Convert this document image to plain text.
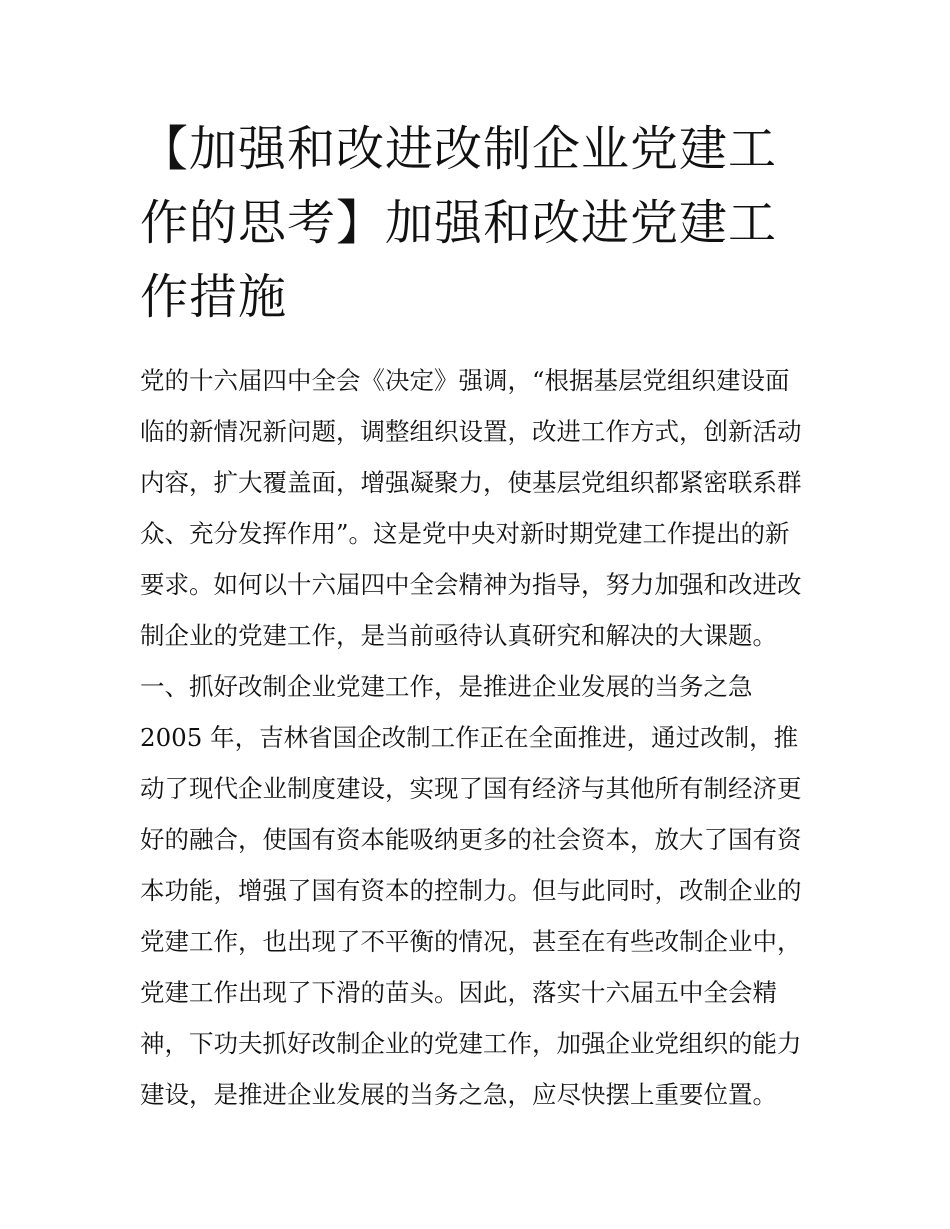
【加强和改进改制企业党建工
作的思考】加强和改进党建工
作措施
党的十六届四中全会《决定》强调，“根据基层党组织建设面
临的新情况新问题，调整组织设置，改进工作方式，创新活动
内容，扩大覆盖面，增强凝聚力，使基层党组织都紧密联系群
众、充分发挥作用”。这是党中央对新时期党建工作提出的新
要求。如何以十六届四中全会精神为指导，努力加强和改进改
制企业的党建工作，是当前亟待认真研究和解决的大课题。
一、抓好改制企业党建工作，是推进企业发展的当务之急
2005 年，吉林省国企改制工作正在全面推进，通过改制，推
动了现代企业制度建设，实现了国有经济与其他所有制经济更
好的融合，使国有资本能吸纳更多的社会资本，放大了国有资
本功能，增强了国有资本的控制力。但与此同时，改制企业的
党建工作，也出现了不平衡的情况，甚至在有些改制企业中，
党建工作出现了下滑的苗头。因此，落实十六届五中全会精
神，下功夫抓好改制企业的党建工作，加强企业党组织的能力
建设，是推进企业发展的当务之急，应尽快摆上重要位置。
